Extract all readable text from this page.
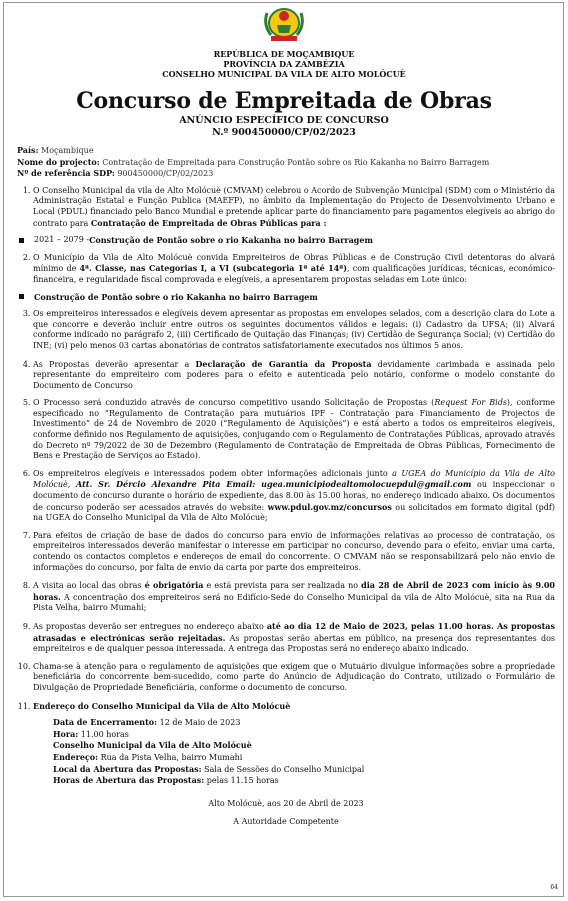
REPÚBLICA DE MOÇAMBIQUE
PROVÍNCIA DA ZAMBÉZIA
CONSELHO MUNICIPAL DA VILA DE ALTO MOLÓCUÈ
Concurso de Empreitada de Obras
ANÚNCIO ESPECÍFICO DE CONCURSO
N.º 900450000/CP/02/2023
País: Moçambique
Nome do projecto: Contratação de Empreitada para Construção Pontão sobre os Rio Kakanha no Bairro Barragem
Nº de referência SDP: 900450000/CP/02/2023
1. O Conselho Municipal da vila de Alto Molócuè (CMVAM) celebrou o Acordo de Subvenção Municipal (SDM) com o Ministério da Administração Estatal e Função Publica (MAEFP), no âmbito da Implementação do Projecto de Desenvolvimento Urbano e Local (PDUL) financiado pelo Banco Mundial e pretende aplicar parte do financiamento para pagamentos elegíveis ao abrigo do contrato para Contratação de Empreitada de Obras Públicas para :
2021 – 2079 - Construção de Pontão sobre o rio Kakanha no bairro Barragem
2. O Município da Vila de Alto Molócuè convida Empreiteiros de Obras Públicas e de Construção Civil detentoras do alvará mínimo de 4ª. Classe, nas Categorias I, a VI (subcategoria 1ª até 14ª), com qualificações jurídicas, técnicas, económico-financeira, e regularidade fiscal comprovada e elegíveis, a apresentarem propostas seladas em Lote único:
Construção de Pontão sobre o rio Kakanha no bairro Barragem
3. Os empreiteiros interessados e elegíveis devem apresentar as propostas em envelopes selados, com a descrição clara do Lote a que concorre e deverão incluir entre outros os seguintes documentos válidos e legais: (i) Cadastro da UFSA; (ii) Alvará conforme indicado no parágrafo 2, (iii) Certificado de Quitação das Finanças; (iv) Certidão de Segurança Social; (v) Certidão do INE; (vi) pelo menos 03 cartas abonatórias de contratos satisfatoriamente executados nos últimos 5 anos.
4. As Propostas deverão apresentar a Declaração de Garantia da Proposta devidamente carimbada e assinada pelo representante do empreiteiro com poderes para o efeito e autenticada pelo notário, conforme o modelo constante do Documento de Concurso
5. O Processo será conduzido através de concurso competitivo usando Solicitação de Propostas (Request For Bids), conforme especificado no “Regulamento de Contratação para mutuários IPF - Contratação para Financiamento de Projectos de Investimento” de 24 de Novembro de 2020 (“Regulamento de Aquisições”) e está aberto a todos os empreiteiros elegíveis, conforme definido nos Regulamento de aquisições, conjugando com o Regulamento de Contratações Públicas, aprovado através do Decreto nº 79/2022 de 30 de Dezembro (Regulamento de Contratação de Empreitada de Obras Públicas, Fornecimento de Bens e Prestação de Serviços ao Estado).
6. Os empreiteiros elegíveis e interessados podem obter informações adicionais junto a UGEA do Município da Vila de Alto Molócuè, Att. Sr. Dércio Alexandre Pita Email: ugea.municipiodealtomolocuepdul@gmail.com ou inspeccionar o documento de concurso durante o horário de expediente, das 8.00 às 15.00 horas, no endereço indicado abaixo. Os documentos de concurso poderão ser acessados através do website: www.pdul.gov.mz/concursos ou solicitados em formato digital (pdf) na UGEA do Conselho Municipal da Vila de Alto Molócuè;
7. Para efeitos de criação de base de dados do concurso para envio de informações relativas ao processo de contratação, os empreiteiros interessados deverão manifestar o interesse em participar no concurso, devendo para o efeito, enviar uma carta, contendo os contactos completos e endereços de email do concorrente. O CMVAM não se responsabilizará pelo não envio de informações do concurso, por falta de envio da carta por parte dos empreiteiros.
8. A visita ao local das obras é obrigatória e está prevista para ser realizada no dia 28 de Abril de 2023 com início às 9.00 horas. A concentração dos empreiteiros será no Edifício-Sede do Conselho Municipal da vila de Alto Molócuè, sita na Rua da Pista Velha, bairro Mumahi;
9. As propostas deverão ser entregues no endereço abaixo até ao dia 12 de Maio de 2023, pelas 11.00 horas. As propostas atrasadas e electrónicas serão rejeitadas. As propostas serão abertas em público, na presença dos representantes dos empreiteiros e de qualquer pessoa interessada. A entrega das Propostas será no endereço abaixo indicado.
10. Chama-se à atenção para o regulamento de aquisições que exigem que o Mutuário divulgue informações sobre a propriedade beneficiária do concorrente bem-sucedido, como parte do Anúncio de Adjudicação do Contrato, utilizado o Formulário de Divulgação de Propriedade Beneficiária, conforme o documento de concurso.
11. Endereço do Conselho Municipal da Vila de Alto Molócuè
Data de Encerramento: 12 de Maio de 2023
Hora: 11.00 horas
Conselho Municipal da Vila de Alto Molócuè
Endereço: Rua da Pista Velha, bairro Mumahi
Local da Abertura das Propostas: Sala de Sessões do Conselho Municipal
Horas de Abertura das Propostas: pelas 11.15 horas
Alto Molócuè, aos 20 de Abril de 2023
A Autoridade Competente
64
